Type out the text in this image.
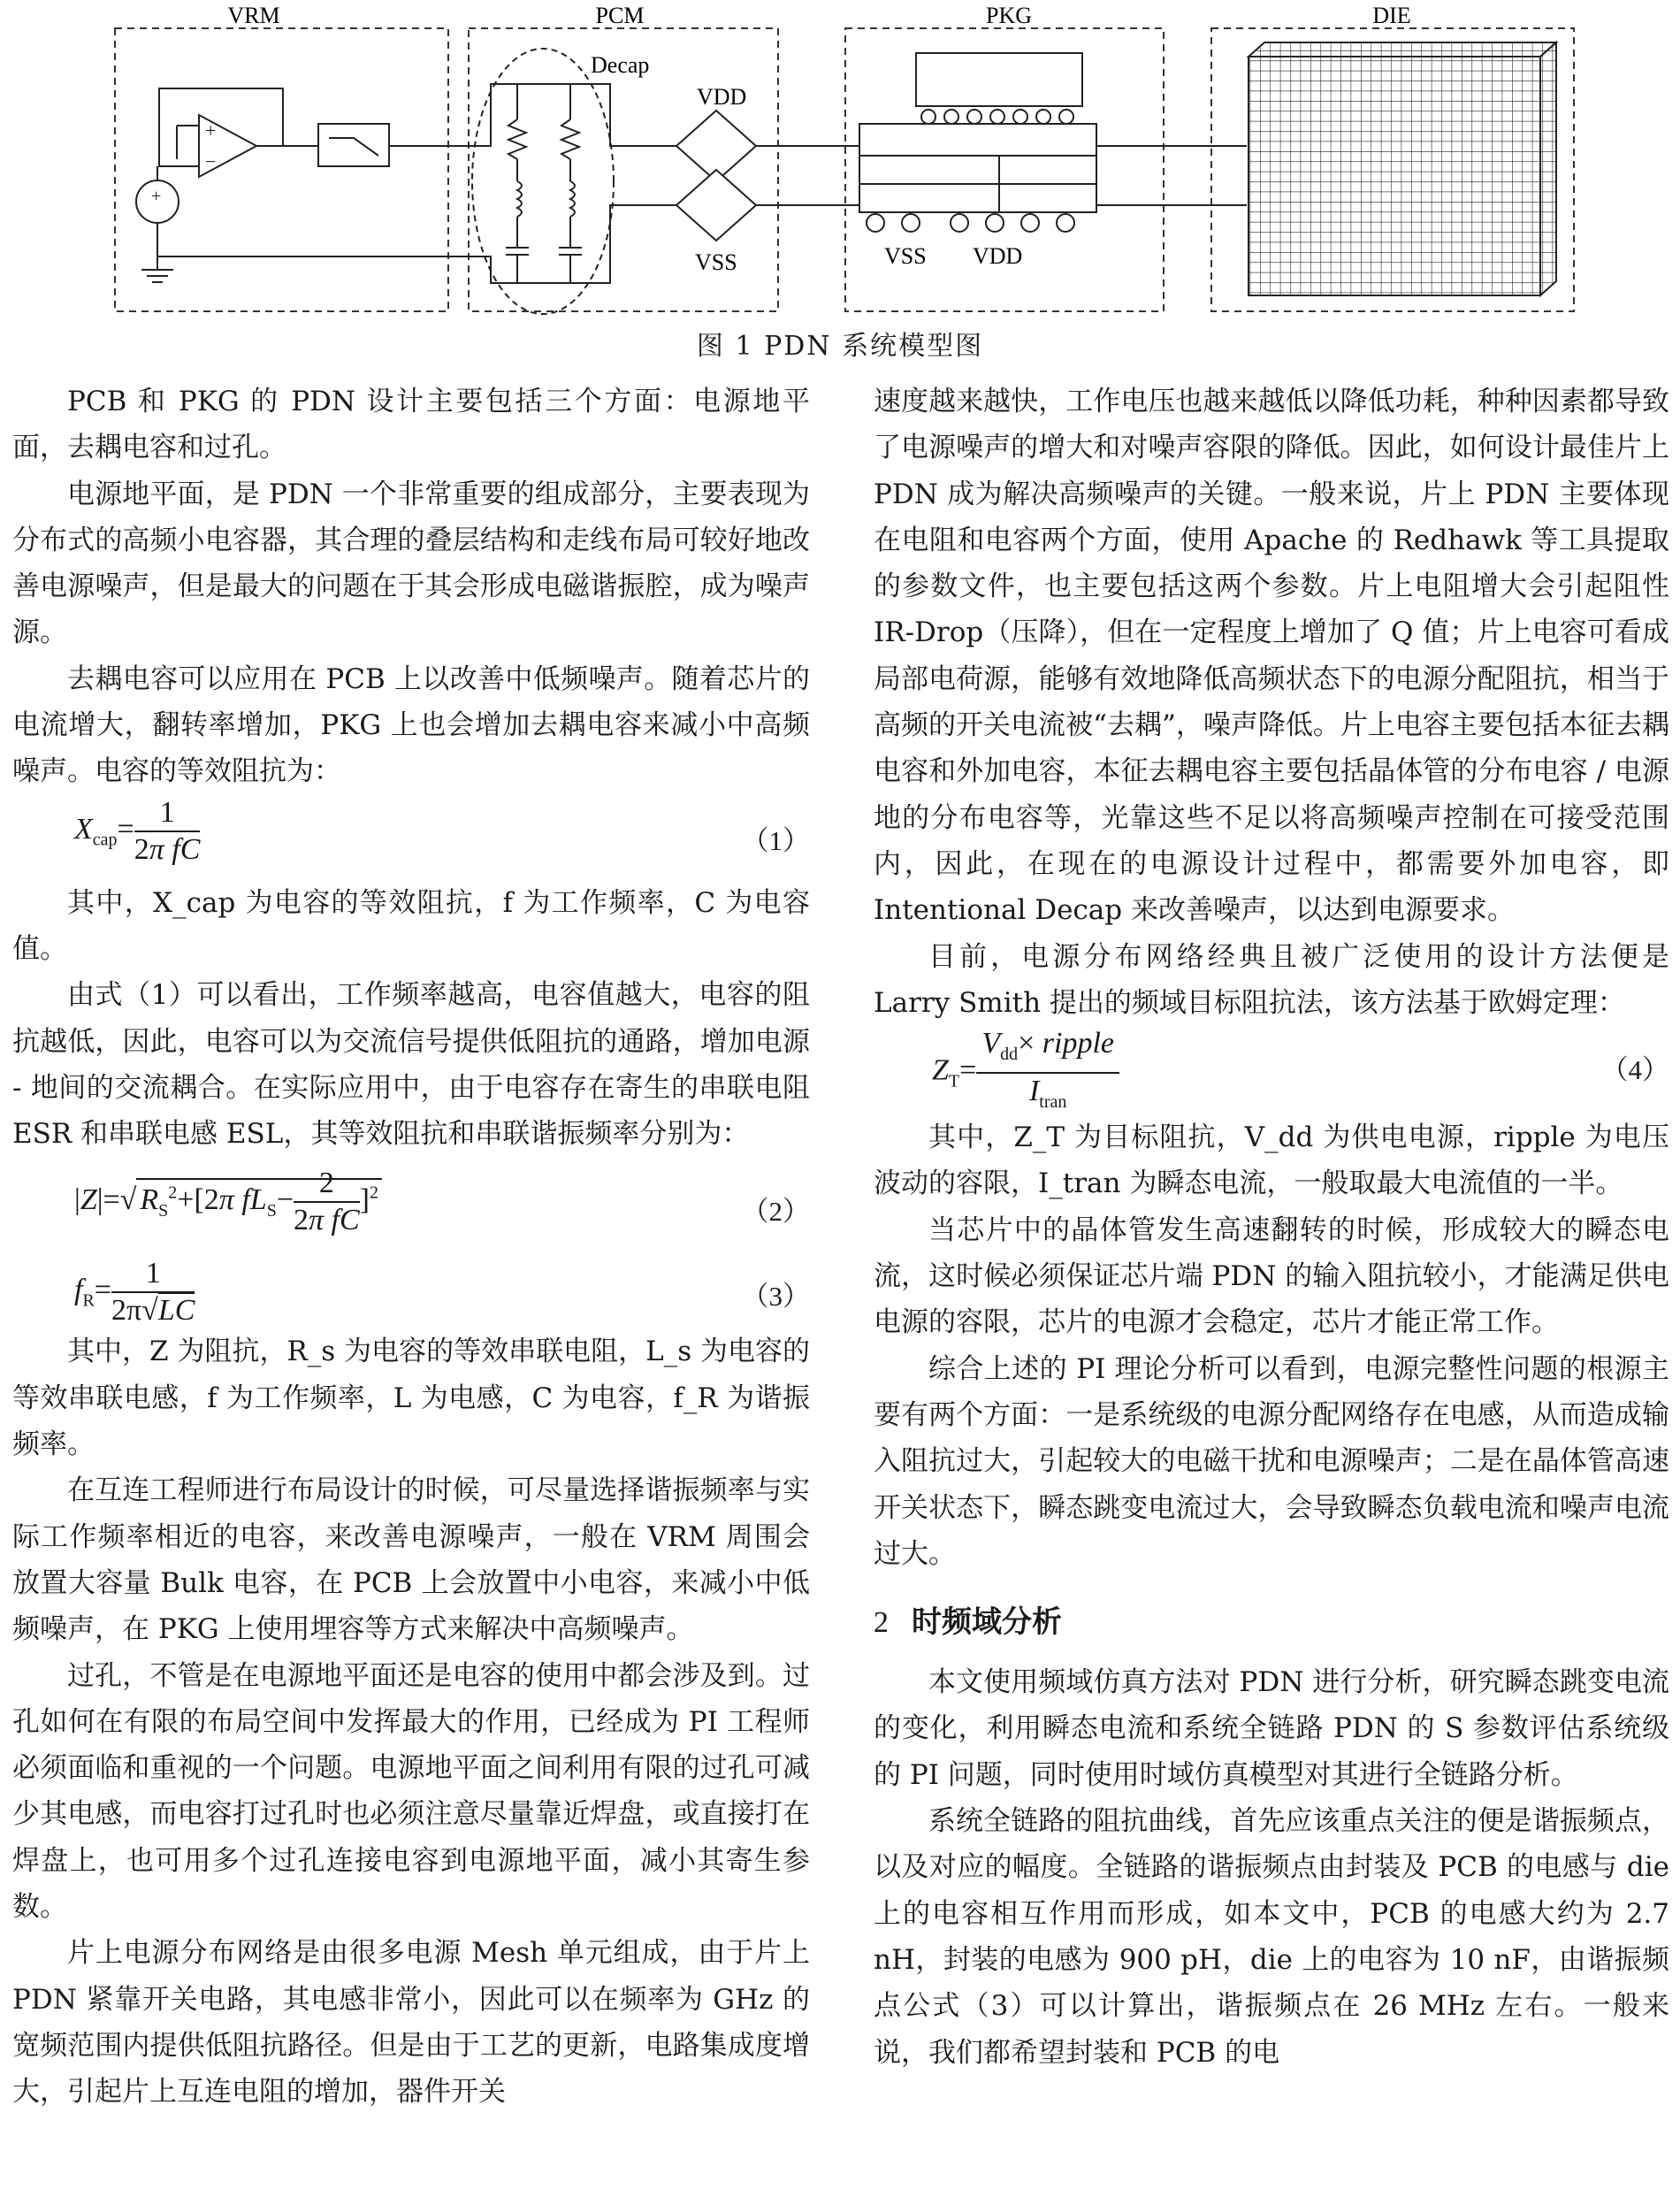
VRM	PCM	PKG	DIE
+
−
+
Decap
VDD
VSS	VSS VDD
图 1 PDN 系统模型图

PCB 和 PKG 的 PDN 设计主要包括三个方面：电源地平面，去耦电容和过孔。

电源地平面，是 PDN 一个非常重要的组成部分，主要表现为分布式的高频小电容器，其合理的叠层结构和走线布局可较好地改善电源噪声，但是最大的问题在于其会形成电磁谐振腔，成为噪声源。

去耦电容可以应用在 PCB 上以改善中低频噪声。随着芯片的电流增大，翻转率增加，PKG 上也会增加去耦电容来减小中高频噪声。电容的等效阻抗为：

$X_{cap}= \frac{1}{\text{2π fC}}$	（1）

其中，X_cap 为电容的等效阻抗，f 为工作频率，C 为电容值。

由式（1）可以看出，工作频率越高，电容值越大，电容的阻抗越低，因此，电容可以为交流信号提供低阻抗的通路，增加电源 - 地间的交流耦合。在实际应用中，由于电容存在寄生的串联电阻 ESR 和串联电感 ESL，其等效阻抗和串联谐振频率分别为：

|Z|=√ $R_S^2+[2\pi$ $fL_S- \frac{2}{\text{2π fC}} ]^2$
（2）
$f_R= \frac{1}{2\pi√LC}$	（3）

其中，Z 为阻抗，R_s 为电容的等效串联电阻，L_s 为电容的等效串联电感，f 为工作频率，L 为电感，C 为电容，f_R 为谐振频率。

在互连工程师进行布局设计的时候，可尽量选择谐振频率与实际工作频率相近的电容，来改善电源噪声，一般在 VRM 周围会放置大容量 Bulk 电容，在 PCB 上会放置中小电容，来减小中低频噪声，在 PKG 上使用埋容等方式来解决中高频噪声。

过孔，不管是在电源地平面还是电容的使用中都会涉及到。过孔如何在有限的布局空间中发挥最大的作用，已经成为 PI 工程师必须面临和重视的一个问题。电源地平面之间利用有限的过孔可减少其电感，而电容打过孔时也必须注意尽量靠近焊盘，或直接打在焊盘上，也可用多个过孔连接电容到电源地平面，减小其寄生参数。

片上电源分布网络是由很多电源 Mesh 单元组成，由于片上 PDN 紧靠开关电路，其电感非常小，因此可以在频率为 GHz 的宽频范围内提供低阻抗路径。但是由于工艺的更新，电路集成度增大，引起片上互连电阻的增加，器件开关

速度越来越快，工作电压也越来越低以降低功耗，种种因素都导致了电源噪声的增大和对噪声容限的降低。因此，如何设计最佳片上 PDN 成为解决高频噪声的关键。一般来说，片上 PDN 主要体现在电阻和电容两个方面，使用 Apache 的 Redhawk 等工具提取的参数文件，也主要包括这两个参数。片上电阻增大会引起阻性 IR-Drop（压降），但在一定程度上增加了 Q 值；片上电容可看成局部电荷源，能够有效地降低高频状态下的电源分配阻抗，相当于高频的开关电流被“去耦”，噪声降低。片上电容主要包括本征去耦电容和外加电容，本征去耦电容主要包括晶体管的分布电容 / 电源地的分布电容等，光靠这些不足以将高频噪声控制在可接受范围内，因此，在现在的电源设计过程中，都需要外加电容，即 Intentional Decap 来改善噪声，以达到电源要求。

目前，电源分布网络经典且被广泛使用的设计方法便是 Larry Smith 提出的频域目标阻抗法，该方法基于欧姆定理：

$Z_T= \frac{V_{dd}\times ripple}{I_{tran}}$	（4）

其中，Z_T 为目标阻抗，V_dd 为供电电源，ripple 为电压波动的容限，I_tran 为瞬态电流，一般取最大电流值的一半。

当芯片中的晶体管发生高速翻转的时候，形成较大的瞬态电流，这时候必须保证芯片端 PDN 的输入阻抗较小，才能满足供电电源的容限，芯片的电源才会稳定，芯片才能正常工作。

综合上述的 PI 理论分析可以看到，电源完整性问题的根源主要有两个方面：一是系统级的电源分配网络存在电感，从而造成输入阻抗过大，引起较大的电磁干扰和电源噪声；二是在晶体管高速开关状态下，瞬态跳变电流过大，会导致瞬态负载电流和噪声电流过大。

2 时频域分析

本文使用频域仿真方法对 PDN 进行分析，研究瞬态跳变电流的变化，利用瞬态电流和系统全链路 PDN 的 S 参数评估系统级的 PI 问题，同时使用时域仿真模型对其进行全链路分析。

系统全链路的阻抗曲线，首先应该重点关注的便是谐振频点，以及对应的幅度。全链路的谐振频点由封装及 PCB 的电感与 die 上的电容相互作用而形成，如本文中，PCB 的电感大约为 2.7 nH，封装的电感为 900 pH，die 上的电容为 10 nF，由谐振频点公式（3）可以计算出，谐振频点在 26 MHz 左右。一般来说，我们都希望封装和 PCB 的电
